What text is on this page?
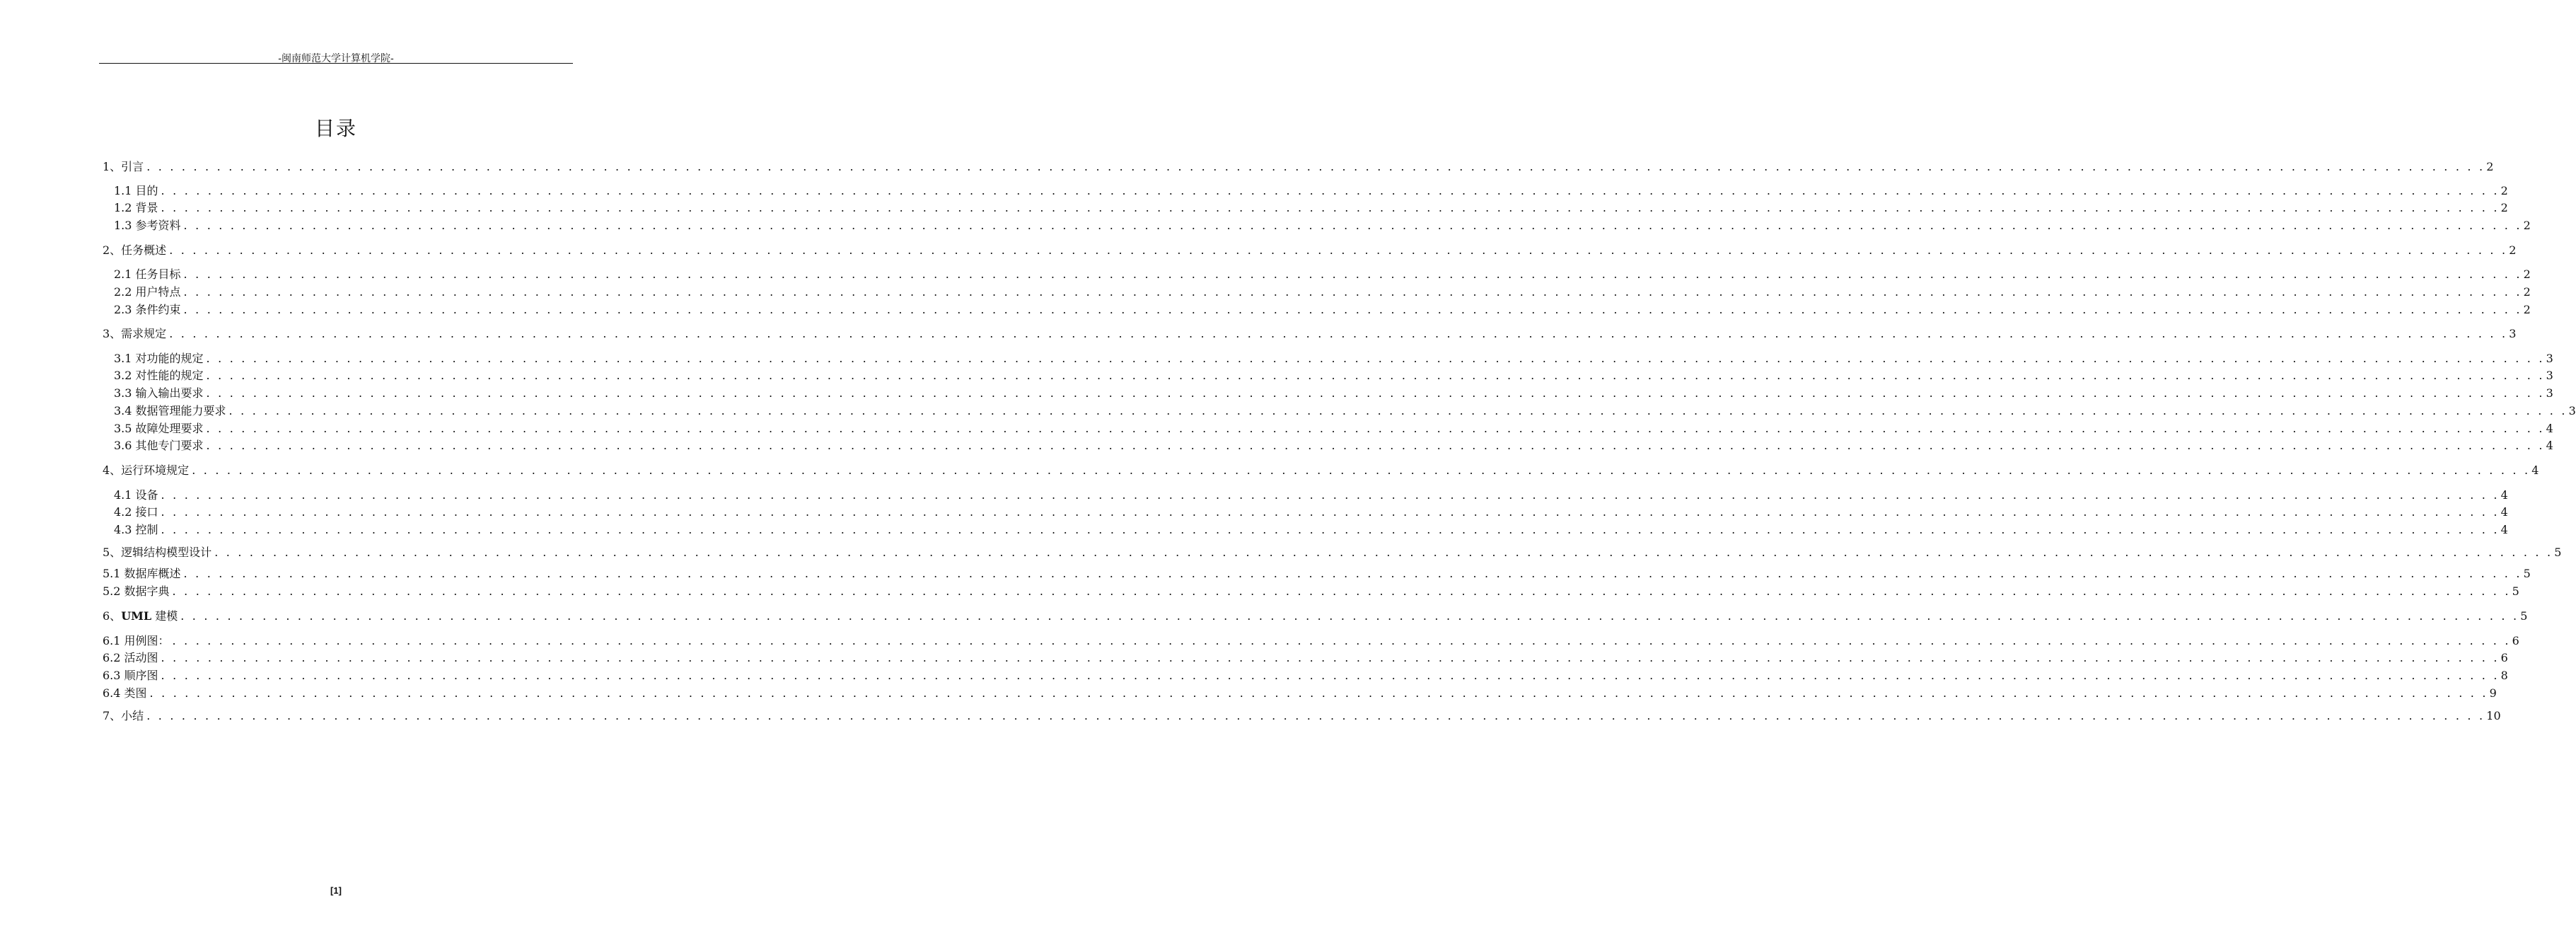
-闽南师范大学计算机学院-
目录
1、引言 . . . . . . . . . . . . . . . . . . . . . . . . . . . . . . . . . . . . . . . . . . . . . . . . . . . . . . . . . . . . . . . . . . . . . . . . . . . . . . . . . . . . . . . . . . . . . . . . . . . . . . . . . . . . . . . . . . . . . . . . . . . . . . . . . . . . . . . . . . . . . . . . . . . . . . . . . . . . . . . . . . . . . . . . . . . . . . . . . . . . . . . . . . . . . . . . . . . . . . . . 2
1.1 目的 . . . . . . . . . . . . . . . . . . . . . . . . . . . . . . . . . . . . . . . . . . . . . . . . . . . . . . . . . . . . . . . . . . . . . . . . . . . . . . . . . . . . . . . . . . . . . . . . . . . . . . . . . . . . . . . . . . . . . . . . . . . . . . . . . . . . . . . . . . . . . . . . . . . . . . . . . . . . . . . . . . . . . . . . . . . . . . . . . . . . . . . . . . . . . . . . . . . . . . . . 2
1.2 背景 . . . . . . . . . . . . . . . . . . . . . . . . . . . . . . . . . . . . . . . . . . . . . . . . . . . . . . . . . . . . . . . . . . . . . . . . . . . . . . . . . . . . . . . . . . . . . . . . . . . . . . . . . . . . . . . . . . . . . . . . . . . . . . . . . . . . . . . . . . . . . . . . . . . . . . . . . . . . . . . . . . . . . . . . . . . . . . . . . . . . . . . . . . . . . . . . . . . . . . . . 2
1.3 参考资料 . . . . . . . . . . . . . . . . . . . . . . . . . . . . . . . . . . . . . . . . . . . . . . . . . . . . . . . . . . . . . . . . . . . . . . . . . . . . . . . . . . . . . . . . . . . . . . . . . . . . . . . . . . . . . . . . . . . . . . . . . . . . . . . . . . . . . . . . . . . . . . . . . . . . . . . . . . . . . . . . . . . . . . . . . . . . . . . . . . . . . . . . . . . . . . . . . . . . . . . . 2
2、任务概述 . . . . . . . . . . . . . . . . . . . . . . . . . . . . . . . . . . . . . . . . . . . . . . . . . . . . . . . . . . . . . . . . . . . . . . . . . . . . . . . . . . . . . . . . . . . . . . . . . . . . . . . . . . . . . . . . . . . . . . . . . . . . . . . . . . . . . . . . . . . . . . . . . . . . . . . . . . . . . . . . . . . . . . . . . . . . . . . . . . . . . . . . . . . . . . . . . . . . . . . . 2
2.1 任务目标 . . . . . . . . . . . . . . . . . . . . . . . . . . . . . . . . . . . . . . . . . . . . . . . . . . . . . . . . . . . . . . . . . . . . . . . . . . . . . . . . . . . . . . . . . . . . . . . . . . . . . . . . . . . . . . . . . . . . . . . . . . . . . . . . . . . . . . . . . . . . . . . . . . . . . . . . . . . . . . . . . . . . . . . . . . . . . . . . . . . . . . . . . . . . . . . . . . . . . . . . 2
2.2 用户特点 . . . . . . . . . . . . . . . . . . . . . . . . . . . . . . . . . . . . . . . . . . . . . . . . . . . . . . . . . . . . . . . . . . . . . . . . . . . . . . . . . . . . . . . . . . . . . . . . . . . . . . . . . . . . . . . . . . . . . . . . . . . . . . . . . . . . . . . . . . . . . . . . . . . . . . . . . . . . . . . . . . . . . . . . . . . . . . . . . . . . . . . . . . . . . . . . . . . . . . . . 2
2.3 条件约束 . . . . . . . . . . . . . . . . . . . . . . . . . . . . . . . . . . . . . . . . . . . . . . . . . . . . . . . . . . . . . . . . . . . . . . . . . . . . . . . . . . . . . . . . . . . . . . . . . . . . . . . . . . . . . . . . . . . . . . . . . . . . . . . . . . . . . . . . . . . . . . . . . . . . . . . . . . . . . . . . . . . . . . . . . . . . . . . . . . . . . . . . . . . . . . . . . . . . . . . . 2
3、需求规定 . . . . . . . . . . . . . . . . . . . . . . . . . . . . . . . . . . . . . . . . . . . . . . . . . . . . . . . . . . . . . . . . . . . . . . . . . . . . . . . . . . . . . . . . . . . . . . . . . . . . . . . . . . . . . . . . . . . . . . . . . . . . . . . . . . . . . . . . . . . . . . . . . . . . . . . . . . . . . . . . . . . . . . . . . . . . . . . . . . . . . . . . . . . . . . . . . . . . . . . . 3
3.1 对功能的规定 . . . . . . . . . . . . . . . . . . . . . . . . . . . . . . . . . . . . . . . . . . . . . . . . . . . . . . . . . . . . . . . . . . . . . . . . . . . . . . . . . . . . . . . . . . . . . . . . . . . . . . . . . . . . . . . . . . . . . . . . . . . . . . . . . . . . . . . . . . . . . . . . . . . . . . . . . . . . . . . . . . . . . . . . . . . . . . . . . . . . . . . . . . . . . . . . . . . . . . . . 3
3.2 对性能的规定 . . . . . . . . . . . . . . . . . . . . . . . . . . . . . . . . . . . . . . . . . . . . . . . . . . . . . . . . . . . . . . . . . . . . . . . . . . . . . . . . . . . . . . . . . . . . . . . . . . . . . . . . . . . . . . . . . . . . . . . . . . . . . . . . . . . . . . . . . . . . . . . . . . . . . . . . . . . . . . . . . . . . . . . . . . . . . . . . . . . . . . . . . . . . . . . . . . . . . . . . 3
3.3 输入输出要求 . . . . . . . . . . . . . . . . . . . . . . . . . . . . . . . . . . . . . . . . . . . . . . . . . . . . . . . . . . . . . . . . . . . . . . . . . . . . . . . . . . . . . . . . . . . . . . . . . . . . . . . . . . . . . . . . . . . . . . . . . . . . . . . . . . . . . . . . . . . . . . . . . . . . . . . . . . . . . . . . . . . . . . . . . . . . . . . . . . . . . . . . . . . . . . . . . . . . . . . . 3
3.4 数据管理能力要求 . . . . . . . . . . . . . . . . . . . . . . . . . . . . . . . . . . . . . . . . . . . . . . . . . . . . . . . . . . . . . . . . . . . . . . . . . . . . . . . . . . . . . . . . . . . . . . . . . . . . . . . . . . . . . . . . . . . . . . . . . . . . . . . . . . . . . . . . . . . . . . . . . . . . . . . . . . . . . . . . . . . . . . . . . . . . . . . . . . . . . . . . . . . . . . . . . . . . . . . . 3
3.5 故障处理要求 . . . . . . . . . . . . . . . . . . . . . . . . . . . . . . . . . . . . . . . . . . . . . . . . . . . . . . . . . . . . . . . . . . . . . . . . . . . . . . . . . . . . . . . . . . . . . . . . . . . . . . . . . . . . . . . . . . . . . . . . . . . . . . . . . . . . . . . . . . . . . . . . . . . . . . . . . . . . . . . . . . . . . . . . . . . . . . . . . . . . . . . . . . . . . . . . . . . . . . . . 4
3.6 其他专门要求 . . . . . . . . . . . . . . . . . . . . . . . . . . . . . . . . . . . . . . . . . . . . . . . . . . . . . . . . . . . . . . . . . . . . . . . . . . . . . . . . . . . . . . . . . . . . . . . . . . . . . . . . . . . . . . . . . . . . . . . . . . . . . . . . . . . . . . . . . . . . . . . . . . . . . . . . . . . . . . . . . . . . . . . . . . . . . . . . . . . . . . . . . . . . . . . . . . . . . . . . 4
4、运行环境规定 . . . . . . . . . . . . . . . . . . . . . . . . . . . . . . . . . . . . . . . . . . . . . . . . . . . . . . . . . . . . . . . . . . . . . . . . . . . . . . . . . . . . . . . . . . . . . . . . . . . . . . . . . . . . . . . . . . . . . . . . . . . . . . . . . . . . . . . . . . . . . . . . . . . . . . . . . . . . . . . . . . . . . . . . . . . . . . . . . . . . . . . . . . . . . . . . . . . . . . . . 4
4.1 设备 . . . . . . . . . . . . . . . . . . . . . . . . . . . . . . . . . . . . . . . . . . . . . . . . . . . . . . . . . . . . . . . . . . . . . . . . . . . . . . . . . . . . . . . . . . . . . . . . . . . . . . . . . . . . . . . . . . . . . . . . . . . . . . . . . . . . . . . . . . . . . . . . . . . . . . . . . . . . . . . . . . . . . . . . . . . . . . . . . . . . . . . . . . . . . . . . . . . . . . . . 4
4.2 接口 . . . . . . . . . . . . . . . . . . . . . . . . . . . . . . . . . . . . . . . . . . . . . . . . . . . . . . . . . . . . . . . . . . . . . . . . . . . . . . . . . . . . . . . . . . . . . . . . . . . . . . . . . . . . . . . . . . . . . . . . . . . . . . . . . . . . . . . . . . . . . . . . . . . . . . . . . . . . . . . . . . . . . . . . . . . . . . . . . . . . . . . . . . . . . . . . . . . . . . . . 4
4.3 控制 . . . . . . . . . . . . . . . . . . . . . . . . . . . . . . . . . . . . . . . . . . . . . . . . . . . . . . . . . . . . . . . . . . . . . . . . . . . . . . . . . . . . . . . . . . . . . . . . . . . . . . . . . . . . . . . . . . . . . . . . . . . . . . . . . . . . . . . . . . . . . . . . . . . . . . . . . . . . . . . . . . . . . . . . . . . . . . . . . . . . . . . . . . . . . . . . . . . . . . . . 4
5、逻辑结构模型设计 . . . . . . . . . . . . . . . . . . . . . . . . . . . . . . . . . . . . . . . . . . . . . . . . . . . . . . . . . . . . . . . . . . . . . . . . . . . . . . . . . . . . . . . . . . . . . . . . . . . . . . . . . . . . . . . . . . . . . . . . . . . . . . . . . . . . . . . . . . . . . . . . . . . . . . . . . . . . . . . . . . . . . . . . . . . . . . . . . . . . . . . . . . . . . . . . . . . . . . . . 5
5.1 数据库概述 . . . . . . . . . . . . . . . . . . . . . . . . . . . . . . . . . . . . . . . . . . . . . . . . . . . . . . . . . . . . . . . . . . . . . . . . . . . . . . . . . . . . . . . . . . . . . . . . . . . . . . . . . . . . . . . . . . . . . . . . . . . . . . . . . . . . . . . . . . . . . . . . . . . . . . . . . . . . . . . . . . . . . . . . . . . . . . . . . . . . . . . . . . . . . . . . . . . . . . . . 5
5.2 数据字典 . . . . . . . . . . . . . . . . . . . . . . . . . . . . . . . . . . . . . . . . . . . . . . . . . . . . . . . . . . . . . . . . . . . . . . . . . . . . . . . . . . . . . . . . . . . . . . . . . . . . . . . . . . . . . . . . . . . . . . . . . . . . . . . . . . . . . . . . . . . . . . . . . . . . . . . . . . . . . . . . . . . . . . . . . . . . . . . . . . . . . . . . . . . . . . . . . . . . . . . . 5
6、UML 建模 . . . . . . . . . . . . . . . . . . . . . . . . . . . . . . . . . . . . . . . . . . . . . . . . . . . . . . . . . . . . . . . . . . . . . . . . . . . . . . . . . . . . . . . . . . . . . . . . . . . . . . . . . . . . . . . . . . . . . . . . . . . . . . . . . . . . . . . . . . . . . . . . . . . . . . . . . . . . . . . . . . . . . . . . . . . . . . . . . . . . . . . . . . . . . . . . . . . . . . . . 5
6.1 用例图： . . . . . . . . . . . . . . . . . . . . . . . . . . . . . . . . . . . . . . . . . . . . . . . . . . . . . . . . . . . . . . . . . . . . . . . . . . . . . . . . . . . . . . . . . . . . . . . . . . . . . . . . . . . . . . . . . . . . . . . . . . . . . . . . . . . . . . . . . . . . . . . . . . . . . . . . . . . . . . . . . . . . . . . . . . . . . . . . . . . . . . . . . . . . . . . . . . . . . . . . 6
6.2 活动图 . . . . . . . . . . . . . . . . . . . . . . . . . . . . . . . . . . . . . . . . . . . . . . . . . . . . . . . . . . . . . . . . . . . . . . . . . . . . . . . . . . . . . . . . . . . . . . . . . . . . . . . . . . . . . . . . . . . . . . . . . . . . . . . . . . . . . . . . . . . . . . . . . . . . . . . . . . . . . . . . . . . . . . . . . . . . . . . . . . . . . . . . . . . . . . . . . . . . . . . . 6
6.3 顺序图 . . . . . . . . . . . . . . . . . . . . . . . . . . . . . . . . . . . . . . . . . . . . . . . . . . . . . . . . . . . . . . . . . . . . . . . . . . . . . . . . . . . . . . . . . . . . . . . . . . . . . . . . . . . . . . . . . . . . . . . . . . . . . . . . . . . . . . . . . . . . . . . . . . . . . . . . . . . . . . . . . . . . . . . . . . . . . . . . . . . . . . . . . . . . . . . . . . . . . . . . 8
6.4 类图 . . . . . . . . . . . . . . . . . . . . . . . . . . . . . . . . . . . . . . . . . . . . . . . . . . . . . . . . . . . . . . . . . . . . . . . . . . . . . . . . . . . . . . . . . . . . . . . . . . . . . . . . . . . . . . . . . . . . . . . . . . . . . . . . . . . . . . . . . . . . . . . . . . . . . . . . . . . . . . . . . . . . . . . . . . . . . . . . . . . . . . . . . . . . . . . . . . . . . . . . 9
7、小结 . . . . . . . . . . . . . . . . . . . . . . . . . . . . . . . . . . . . . . . . . . . . . . . . . . . . . . . . . . . . . . . . . . . . . . . . . . . . . . . . . . . . . . . . . . . . . . . . . . . . . . . . . . . . . . . . . . . . . . . . . . . . . . . . . . . . . . . . . . . . . . . . . . . . . . . . . . . . . . . . . . . . . . . . . . . . . . . . . . . . . . . . . . . . . . . . . . . . . . . . 10
[1]
